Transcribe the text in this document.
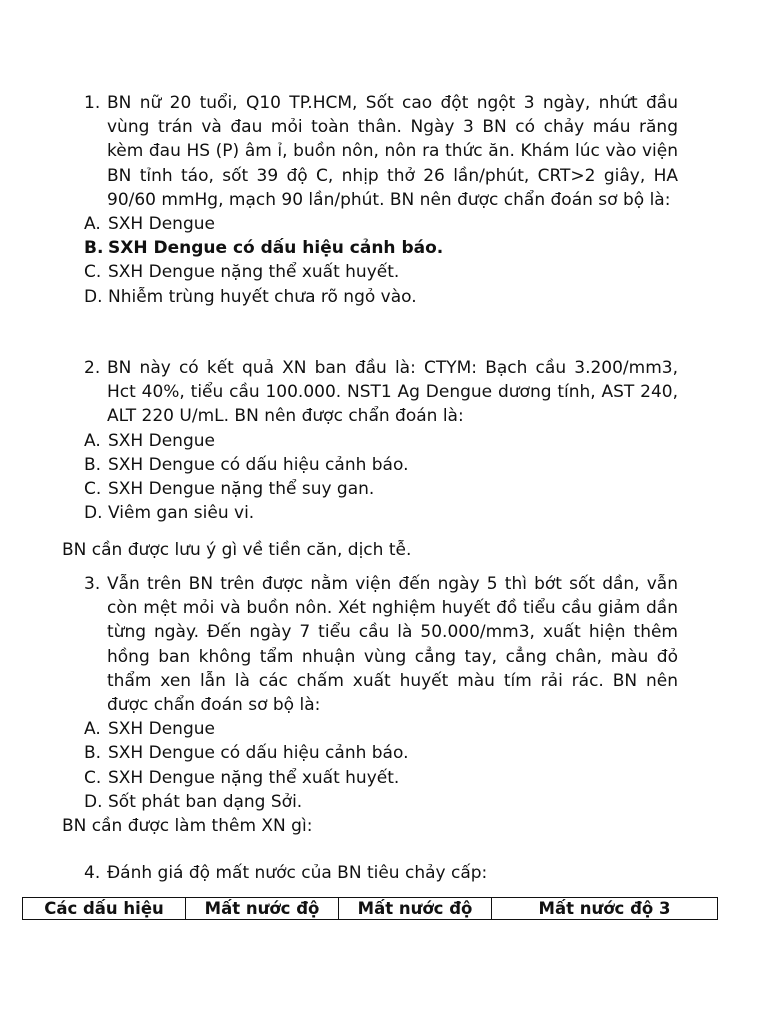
1. BN nữ 20 tuổi, Q10 TP.HCM, Sốt cao đột ngột 3 ngày, nhứt đầu vùng trán và đau mỏi toàn thân. Ngày 3 BN có chảy máu răng kèm đau HS (P) âm ỉ, buồn nôn, nôn ra thức ăn. Khám lúc vào viện BN tỉnh táo, sốt 39 độ C, nhịp thở 26 lần/phút, CRT>2 giây, HA 90/60 mmHg, mạch 90 lần/phút. BN nên được chẩn đoán sơ bộ là:
A. SXH Dengue
B. SXH Dengue có dấu hiệu cảnh báo.
C. SXH Dengue nặng thể xuất huyết.
D. Nhiễm trùng huyết chưa rõ ngỏ vào.
2. BN này có kết quả XN ban đầu là: CTYM: Bạch cầu 3.200/mm3, Hct 40%, tiểu cầu 100.000. NST1 Ag Dengue dương tính, AST 240, ALT 220 U/mL. BN nên được chẩn đoán là:
A. SXH Dengue
B. SXH Dengue có dấu hiệu cảnh báo.
C. SXH Dengue nặng thể suy gan.
D. Viêm gan siêu vi.
BN cần được lưu ý gì về tiền căn, dịch tễ.
3. Vẫn trên BN trên được nằm viện đến ngày 5 thì bớt sốt dần, vẫn còn mệt mỏi và buồn nôn. Xét nghiệm huyết đồ tiểu cầu giảm dần từng ngày. Đến ngày 7 tiểu cầu là 50.000/mm3, xuất hiện thêm hồng ban không tẩm nhuận vùng cẳng tay, cẳng chân, màu đỏ thẩm xen lẫn là các chấm xuất huyết màu tím rải rác. BN nên được chẩn đoán sơ bộ là:
A. SXH Dengue
B. SXH Dengue có dấu hiệu cảnh báo.
C. SXH Dengue nặng thể xuất huyết.
D. Sốt phát ban dạng Sởi.
BN cần được làm thêm XN gì:
4. Đánh giá độ mất nước của BN tiêu chảy cấp:
Các dấu hiệu	Mất nước độ	Mất nước độ	Mất nước độ 3
